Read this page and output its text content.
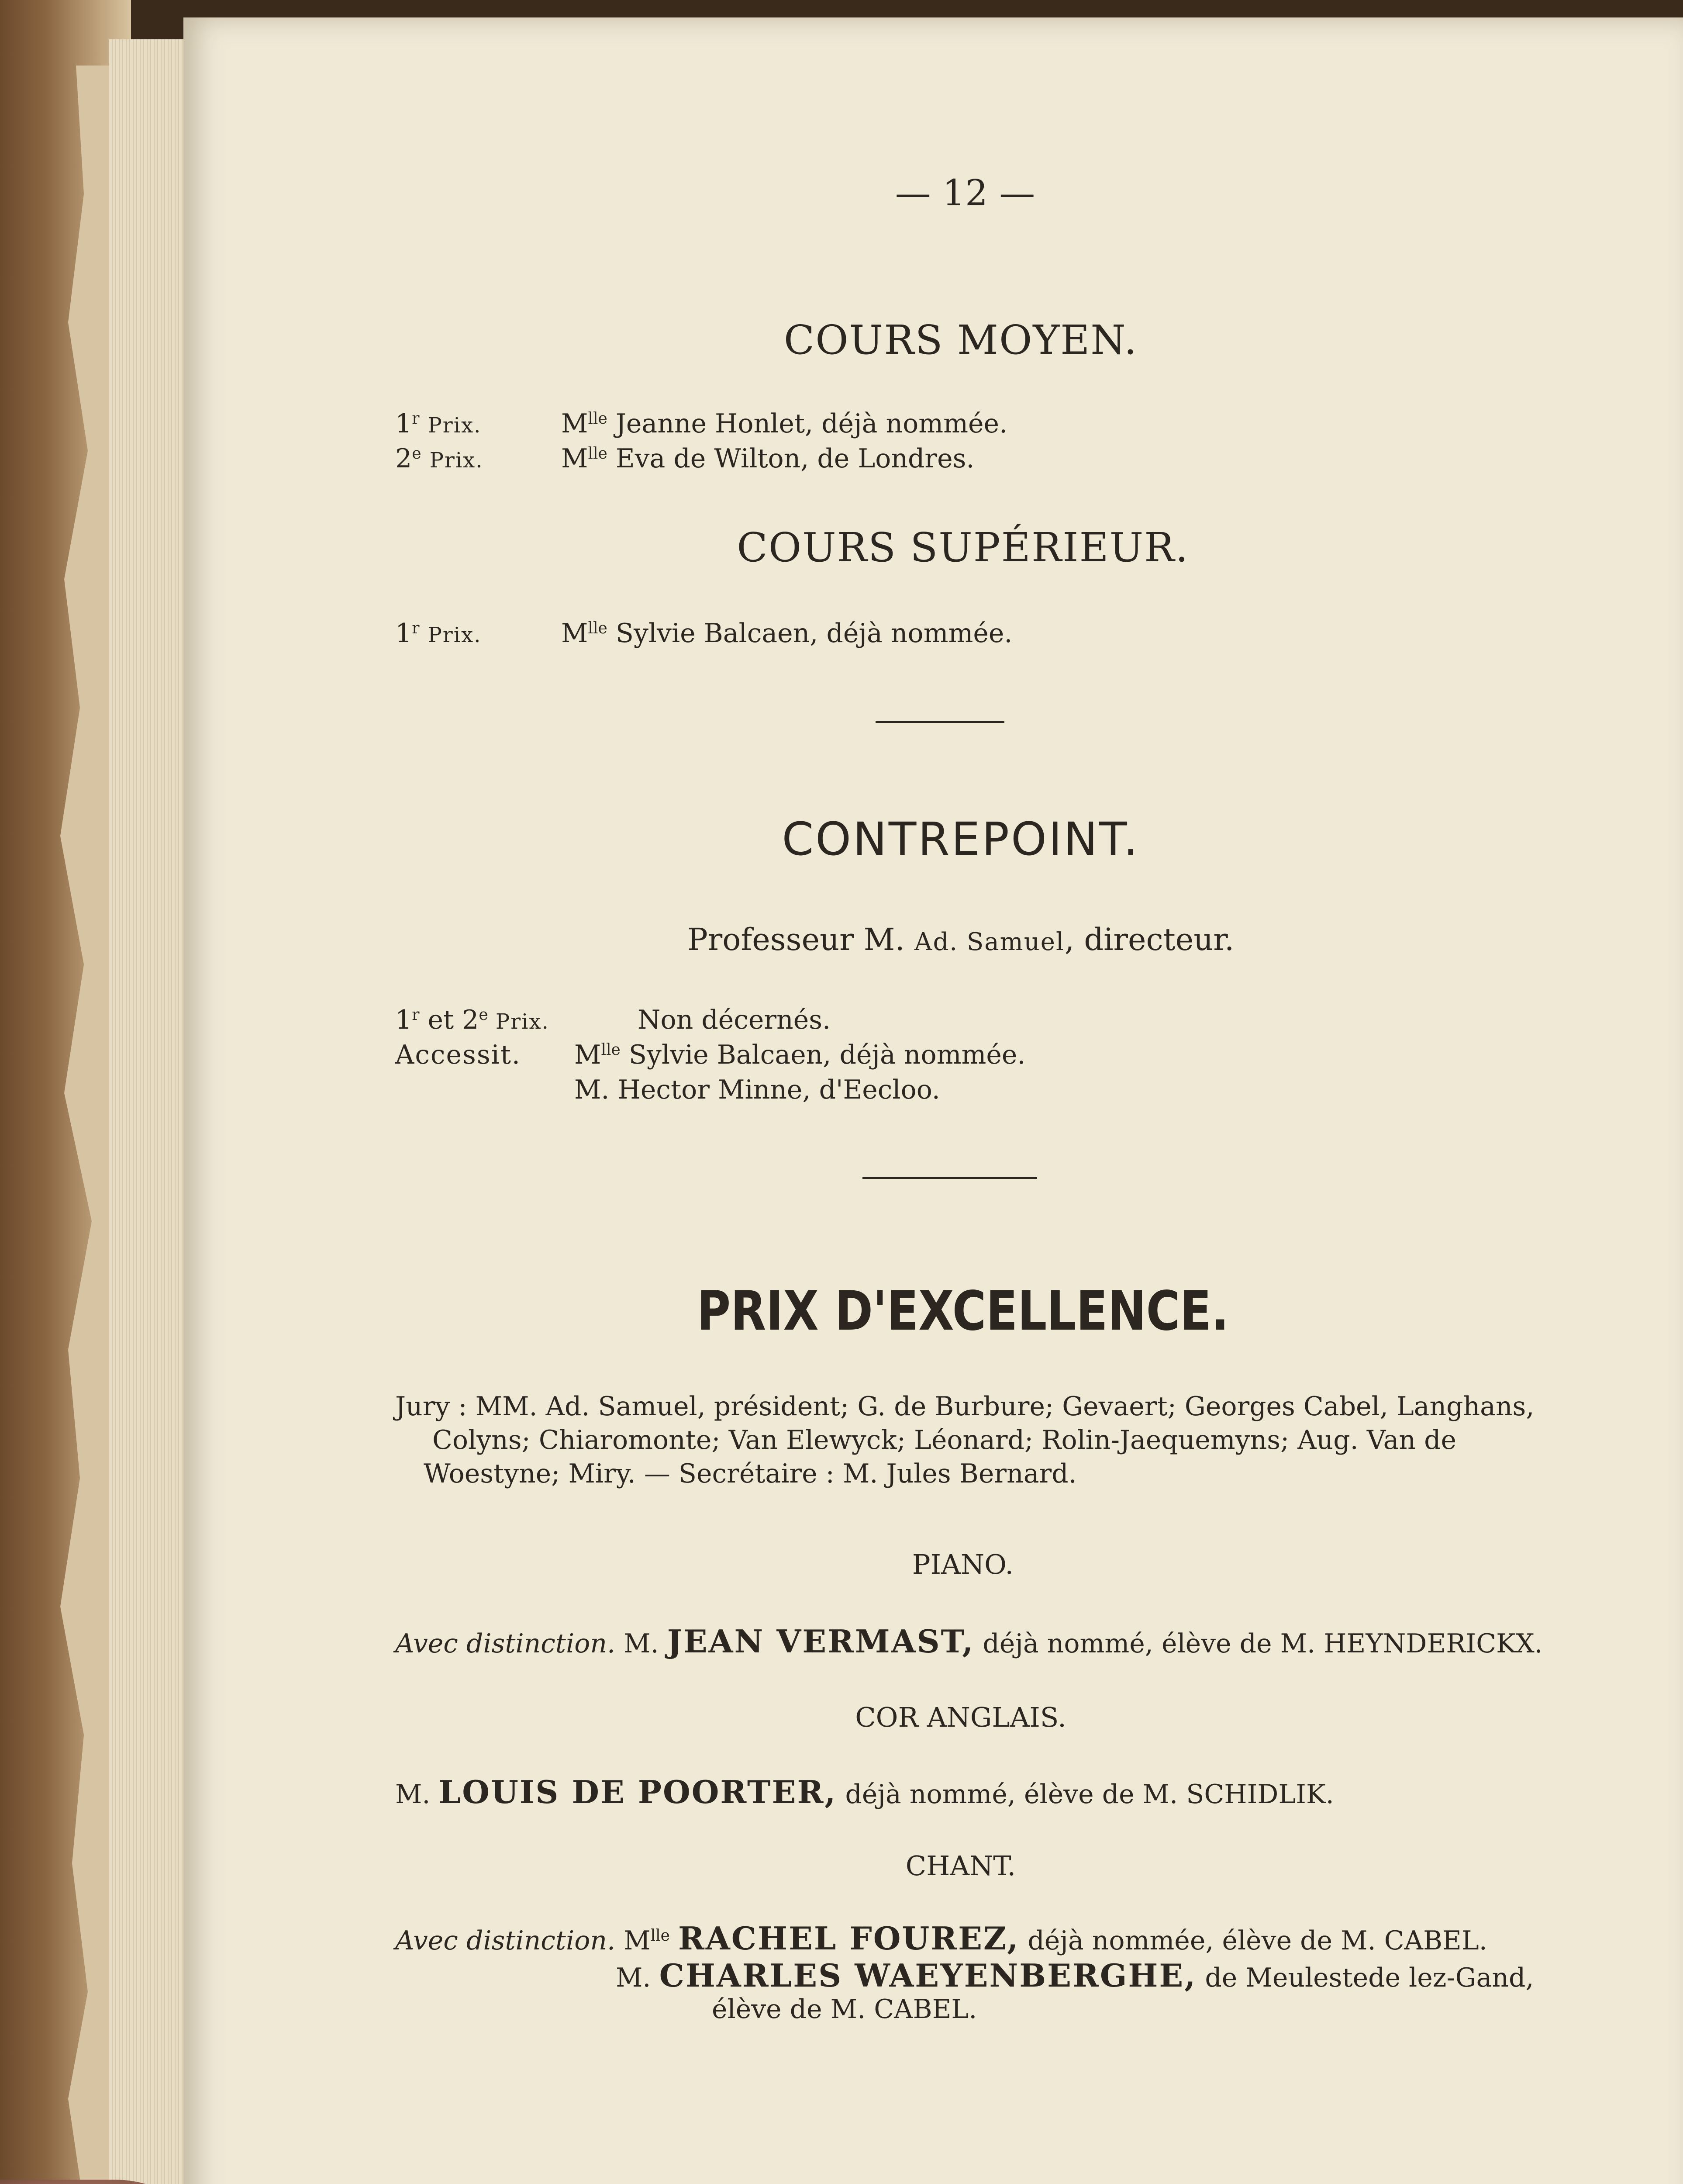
— 12 —
COURS MOYEN.
1$^r$ Prix.	$M^{lle}$ Jeanne Honlet, déjà nommée.
2e Prix.	$M^{lle}$ Eva de Wilton, de Londres.
COURS SUPÉRIEUR.
1$^r$ Prix.	$M^{lle}$ Sylvie Balcaen, déjà nommée.
CONTREPOINT.
Professeur M. Ad. Samuel, directeur.
1$^r$ et 2e Prix.	Non décernés.
Accessit. $M^{lle}$ Sylvie Balcaen, déjà nommée.
M. Hector Minne, d'Eecloo.
PRIX D'EXCELLENCE.
Jury : MM. Ad. Samuel, président; G. de Burbure; Gevaert; Georges Cabel, Langhans,
Colyns; Chiaromonte; Van Elewyck; Léonard; Rolin-Jaequemyns; Aug. Van de
Woestyne; Miry. — Secrétaire : M. Jules Bernard.
PIANO.
Avec distinction. M. JEAN VERMAST, déjà nommé, élève de M. HEYNDERICKX.
COR ANGLAIS.
M. LOUIS DE POORTER, déjà nommé, élève de M. SCHIDLIK.
CHANT.
Avec distinction. $M^{lle}$ RACHEL FOUREZ, déjà nommée, élève de M. CABEL.
M. CHARLES WAEYENBERGHE, de Meulestede lez-Gand,
élève de M. CABEL.
